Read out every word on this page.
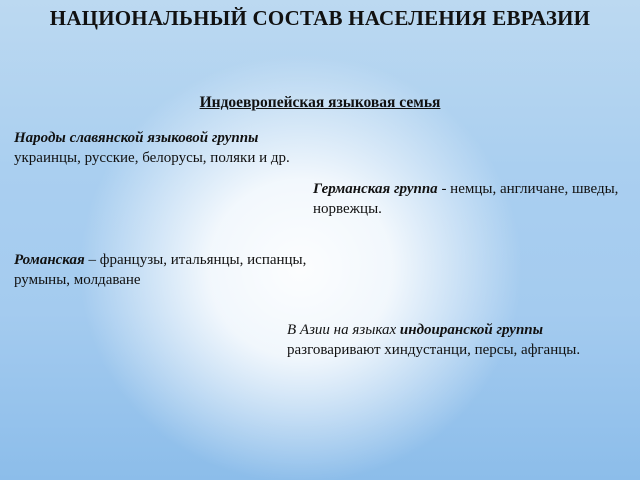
НАЦИОНАЛЬНЫЙ СОСТАВ НАСЕЛЕНИЯ ЕВРАЗИИ
Индоевропейская языковая семья
Народы славянской языковой группы
украинцы, русские, белорусы, поляки и др.
Германская группа - немцы, англичане, шведы, норвежцы.
Романская – французы, итальянцы, испанцы, румыны, молдаване
В Азии на языках индоиранской группы разговаривают хиндустанци, персы, афганцы.
